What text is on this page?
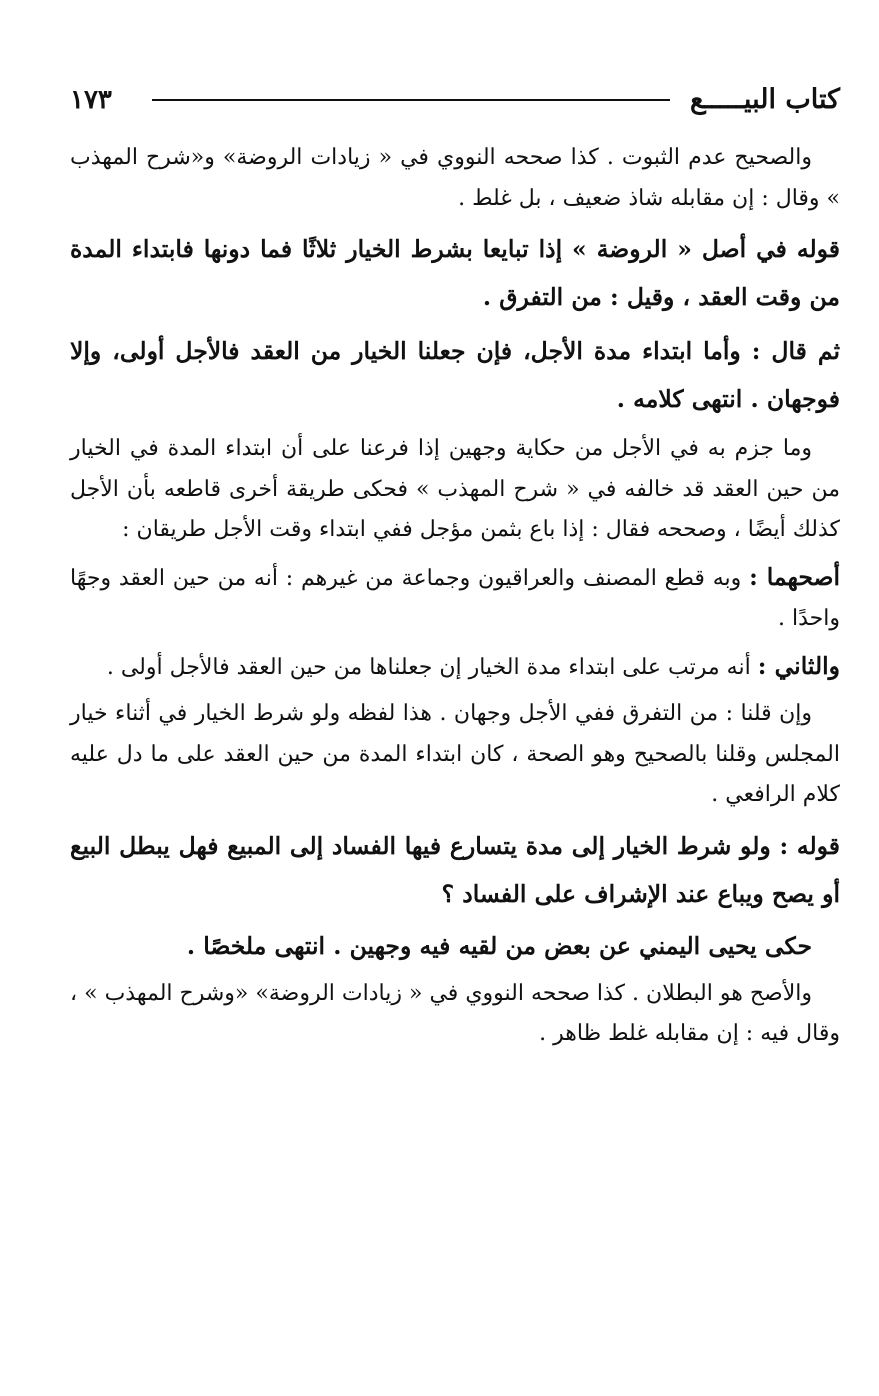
كتاب البيـــــع
١٧٣

والصحيح عدم الثبوت . كذا صححه النووي في « زيادات الروضة» و«شرح المهذب » وقال : إن مقابله شاذ ضعيف ، بل غلط .

قوله في أصل « الروضة » إذا تبايعا بشرط الخيار ثلاثًا فما دونها فابتداء المدة من وقت العقد ، وقيل : من التفرق .

ثم قال : وأما ابتداء مدة الأجل، فإن جعلنا الخيار من العقد فالأجل أولى، وإلا فوجهان . انتهى كلامه .

وما جزم به في الأجل من حكاية وجهين إذا فرعنا على أن ابتداء المدة في الخيار من حين العقد قد خالفه في « شرح المهذب » فحكى طريقة أخرى قاطعه بأن الأجل كذلك أيضًا ، وصححه فقال : إذا باع بثمن مؤجل ففي ابتداء وقت الأجل طريقان :

أصحهما : وبه قطع المصنف والعراقيون وجماعة من غيرهم : أنه من حين العقد وجهًا واحدًا .

والثاني : أنه مرتب على ابتداء مدة الخيار إن جعلناها من حين العقد فالأجل أولى .

وإن قلنا : من التفرق ففي الأجل وجهان . هذا لفظه ولو شرط الخيار في أثناء خيار المجلس وقلنا بالصحيح وهو الصحة ، كان ابتداء المدة من حين العقد على ما دل عليه كلام الرافعي .

قوله : ولو شرط الخيار إلى مدة يتسارع فيها الفساد إلى المبيع فهل يبطل البيع أو يصح ويباع عند الإشراف على الفساد ؟

حكى يحيى اليمني عن بعض من لقيه فيه وجهين . انتهى ملخصًا .

والأصح هو البطلان . كذا صححه النووي في « زيادات الروضة» «وشرح المهذب » ، وقال فيه : إن مقابله غلط ظاهر .
